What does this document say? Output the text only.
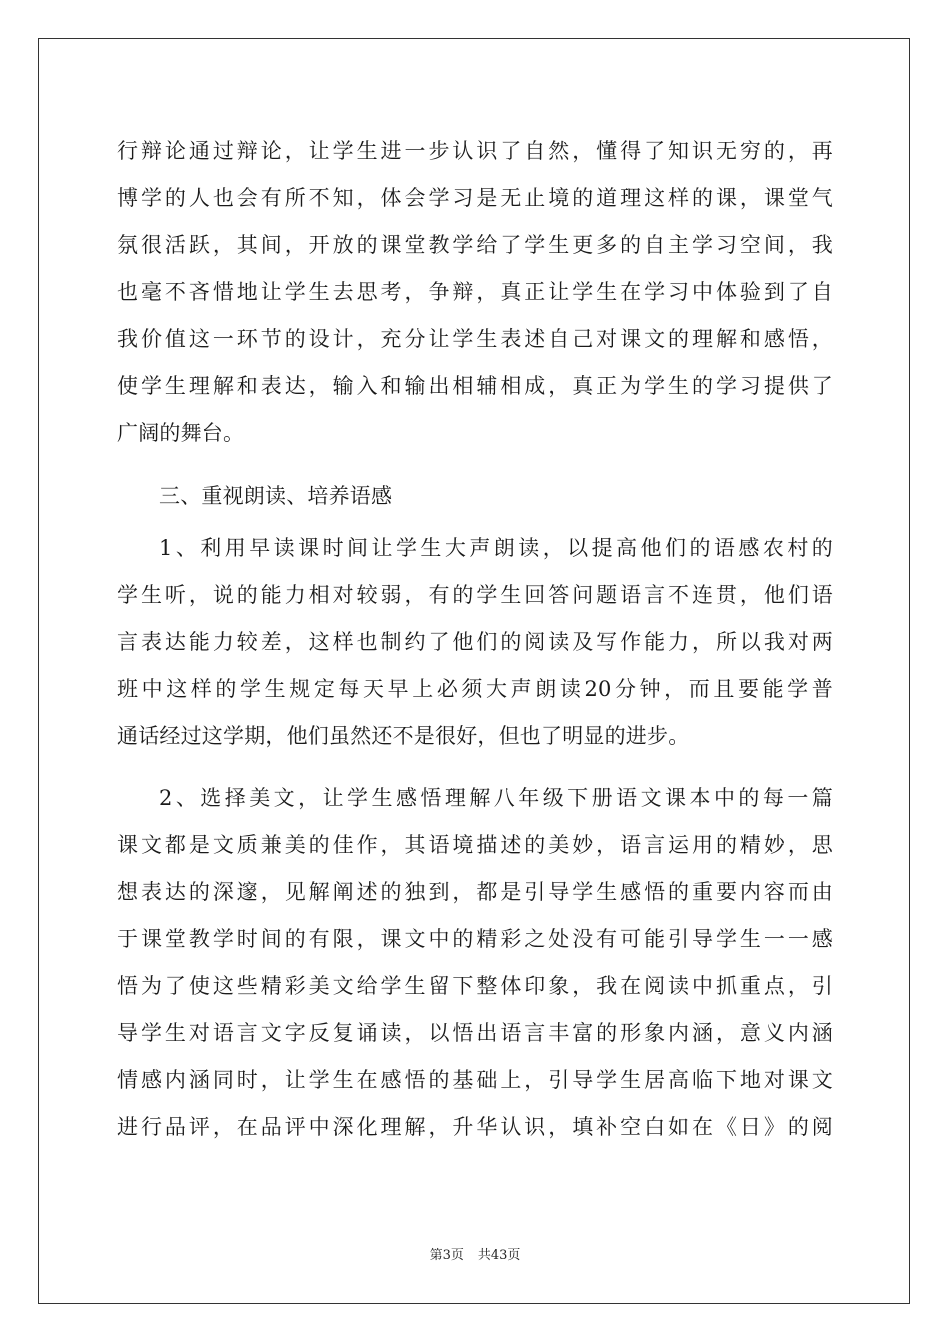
行辩论通过辩论，让学生进一步认识了自然，懂得了知识无穷的，再
博学的人也会有所不知，体会学习是无止境的道理这样的课，课堂气
氛很活跃，其间，开放的课堂教学给了学生更多的自主学习空间，我
也毫不吝惜地让学生去思考，争辩，真正让学生在学习中体验到了自
我价值这一环节的设计，充分让学生表述自己对课文的理解和感悟，
使学生理解和表达，输入和输出相辅相成，真正为学生的学习提供了
广阔的舞台。
三、重视朗读、培养语感
1、利用早读课时间让学生大声朗读，以提高他们的语感农村的
学生听，说的能力相对较弱，有的学生回答问题语言不连贯，他们语
言表达能力较差，这样也制约了他们的阅读及写作能力，所以我对两
班中这样的学生规定每天早上必须大声朗读20分钟，而且要能学普
通话经过这学期，他们虽然还不是很好，但也了明显的进步。
2、选择美文，让学生感悟理解八年级下册语文课本中的每一篇
课文都是文质兼美的佳作，其语境描述的美妙，语言运用的精妙，思
想表达的深邃，见解阐述的独到，都是引导学生感悟的重要内容而由
于课堂教学时间的有限，课文中的精彩之处没有可能引导学生一一感
悟为了使这些精彩美文给学生留下整体印象，我在阅读中抓重点，引
导学生对语言文字反复诵读，以悟出语言丰富的形象内涵，意义内涵
情感内涵同时，让学生在感悟的基础上，引导学生居高临下地对课文
进行品评，在品评中深化理解，升华认识，填补空白如在《日》的阅
第3页 共43页
